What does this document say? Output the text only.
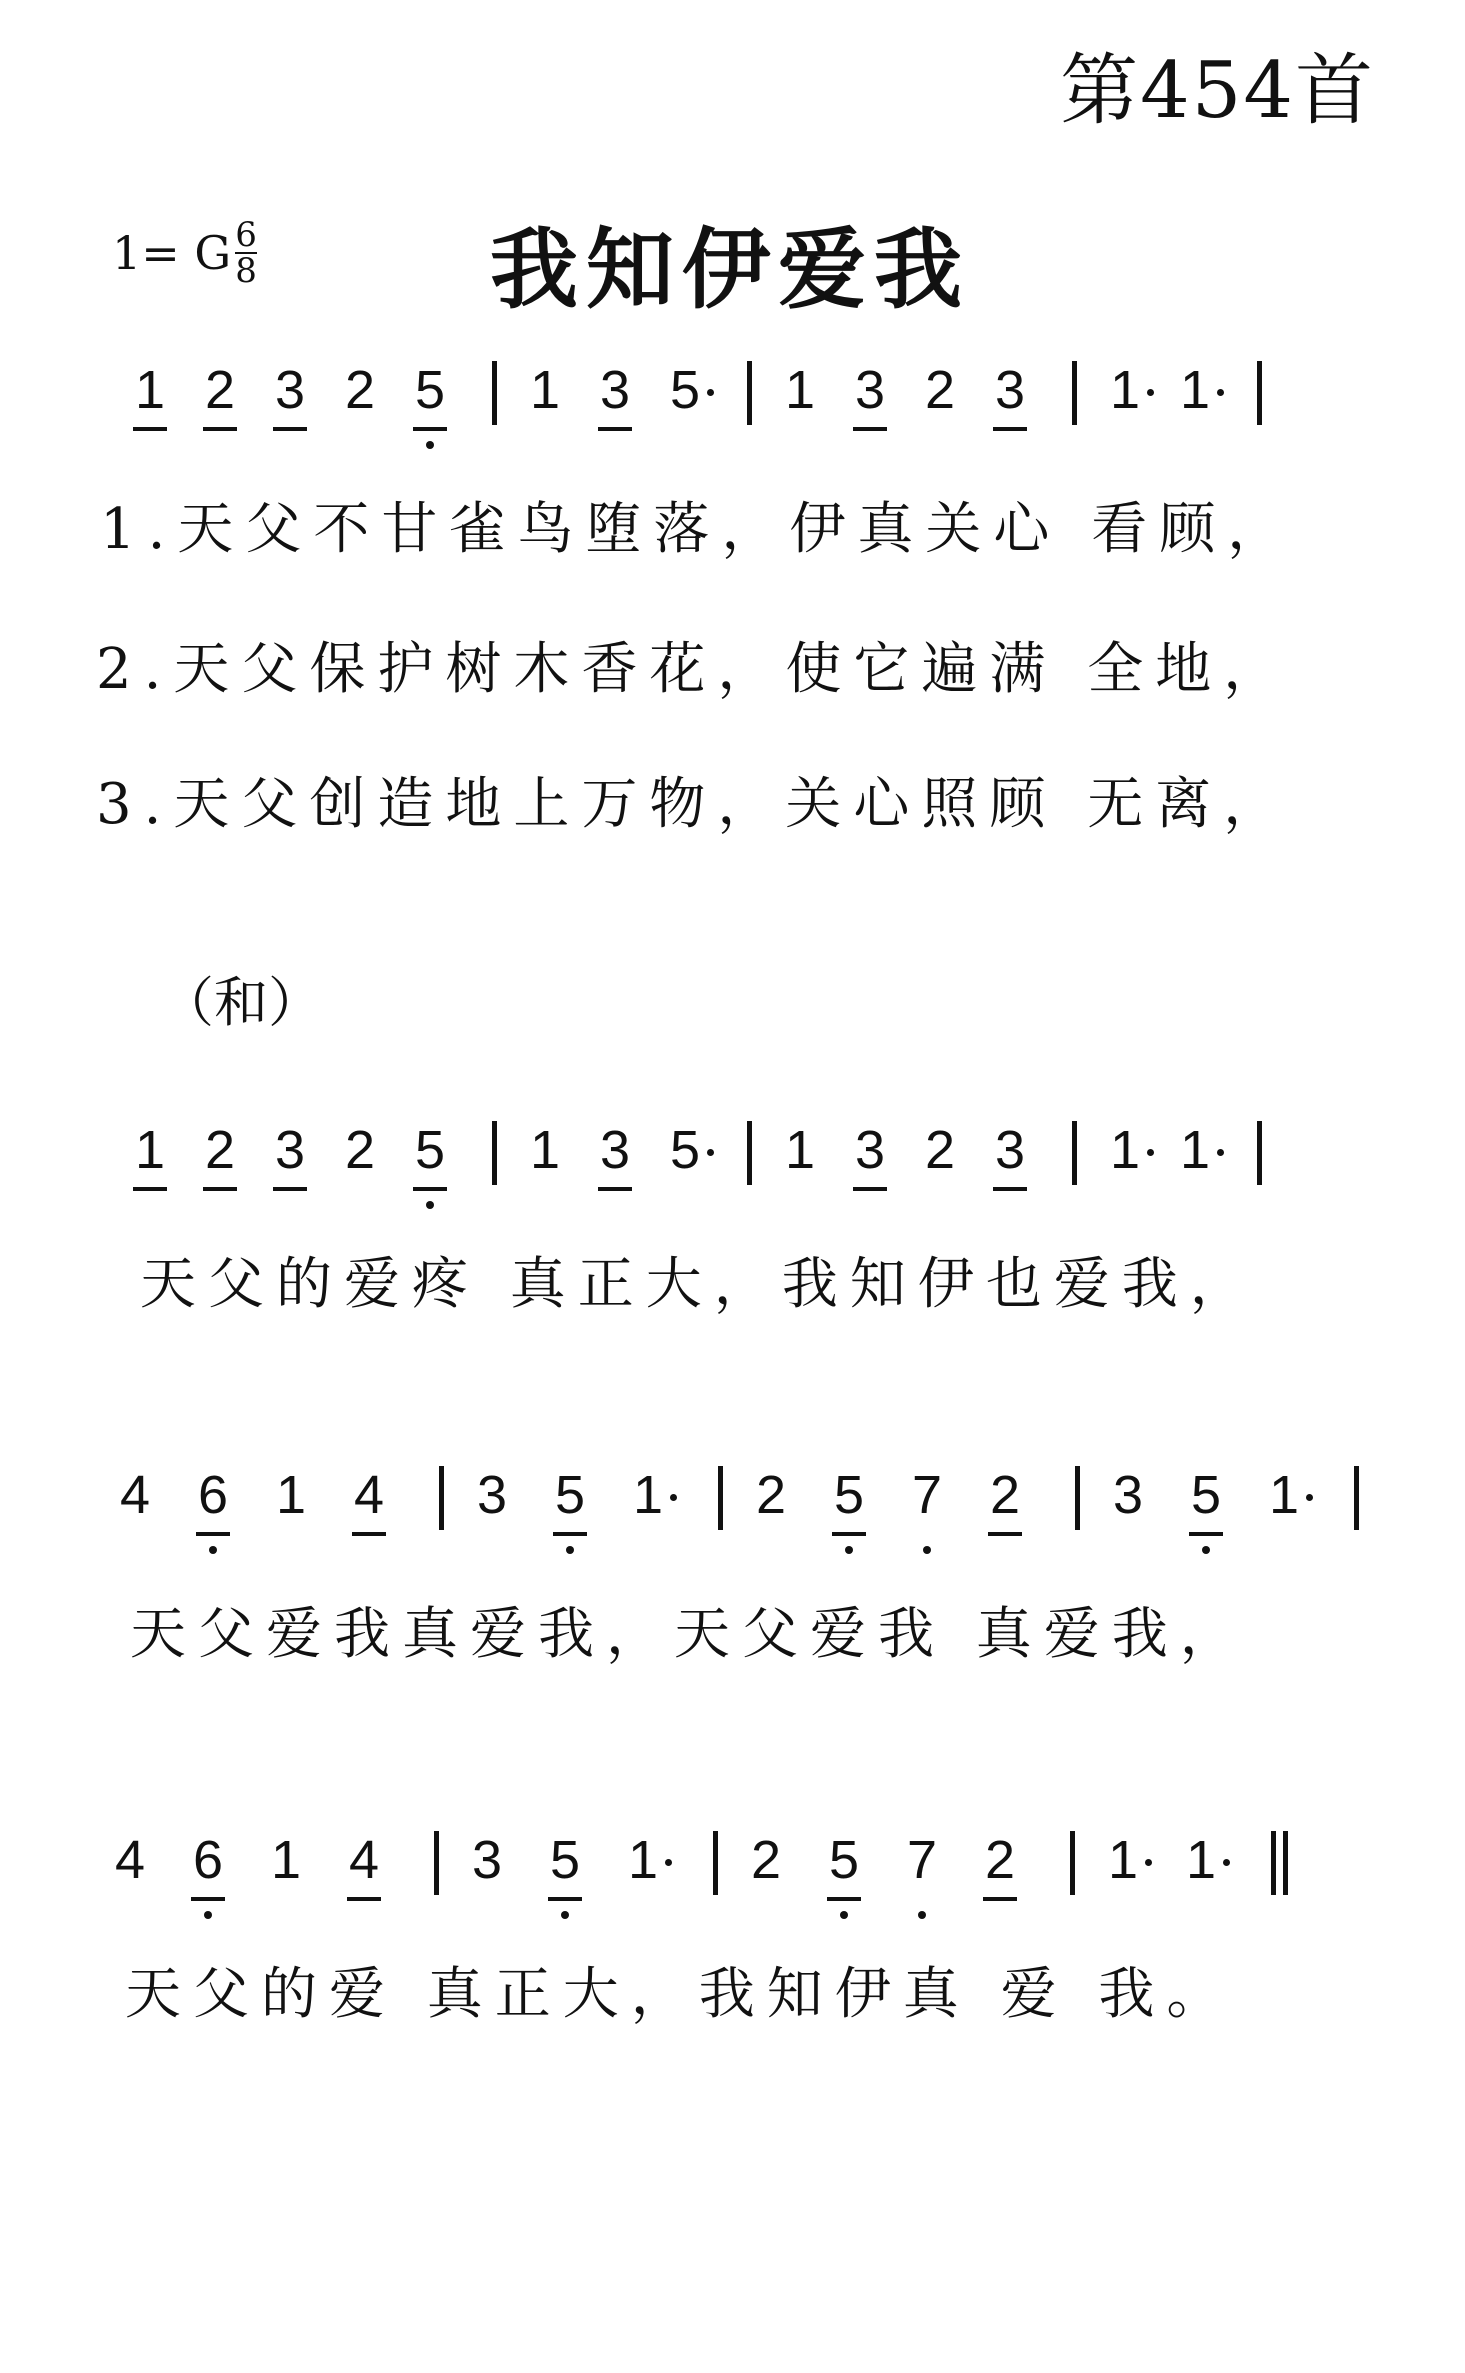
第454首
1= G $\frac{6}{8}$	我知伊爱我
1 2 3 2 5 1 3 5 1 3 2 3 1 1
1.天父不甘雀鸟堕落，伊真关心 看顾，
2.天父保护树木香花，使它遍满 全地，
3.天父创造地上万物，关心照顾 无离，
（和）
1 2 3 2 5 1 3 5 1 3 2 3 1 1
天父的爱疼 真正大，我知伊也爱我，
4 6 1 4 3 5 1 2 5 7 2 3 5 1
天父爱我真爱我，天父爱我 真爱我，
4 6 1 4 3 5 1 2 5 7 2 1 1
天父的爱 真正大，我知伊真 爱 我。
